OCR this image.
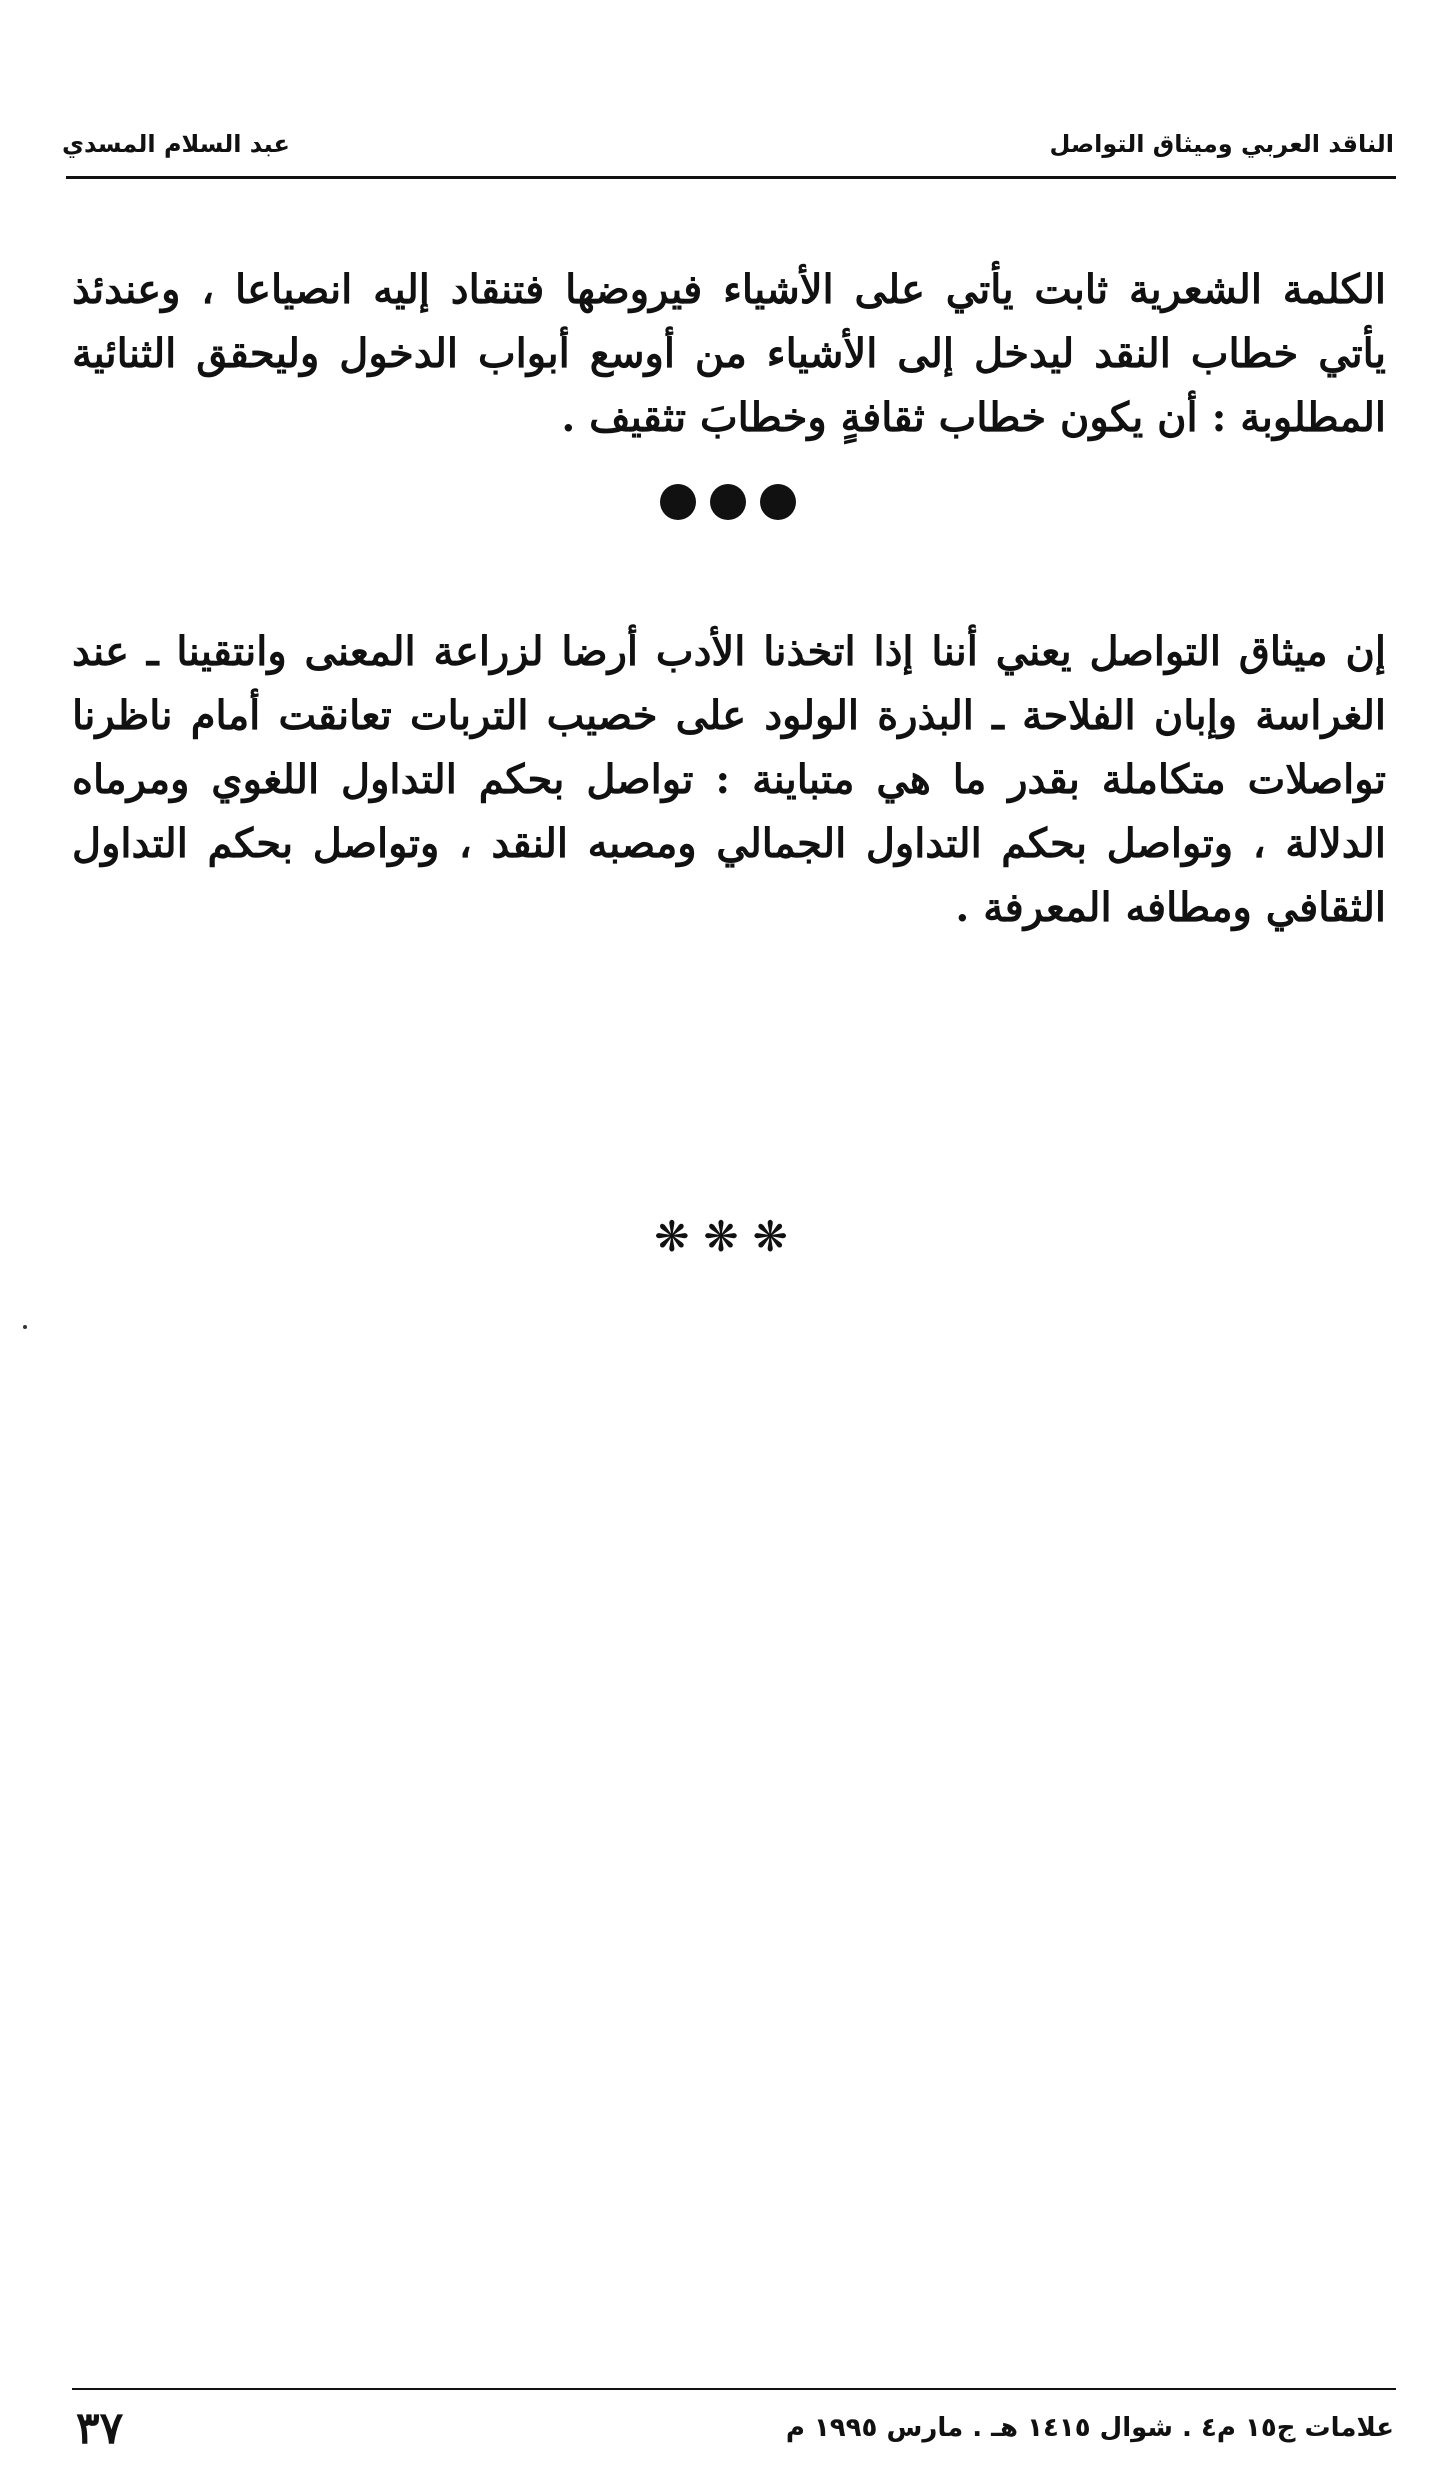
الناقد العربي وميثاق التواصل
عبد السلام المسدي

الكلمة الشعرية ثابت يأتي على الأشياء فيروضها فتنقاد إليه انصياعا ، وعندئذ يأتي خطاب النقد ليدخل إلى الأشياء من أوسع أبواب الدخول وليحقق الثنائية المطلوبة : أن يكون خطاب ثقافةٍ وخطابَ تثقيف .

إن ميثاق التواصل يعني أننا إذا اتخذنا الأدب أرضا لزراعة المعنى وانتقينا ـ عند الغراسة وإبان الفلاحة ـ البذرة الولود على خصيب التربات تعانقت أمام ناظرنا تواصلات متكاملة بقدر ما هي متباينة : تواصل بحكم التداول اللغوي ومرماه الدلالة ، وتواصل بحكم التداول الجمالي ومصبه النقد ، وتواصل بحكم التداول الثقافي ومطافه المعرفة .

❋❋❋
علامات ج١٥ م٤ . شوال ١٤١٥ هـ . مارس ١٩٩٥ م
٣٧
